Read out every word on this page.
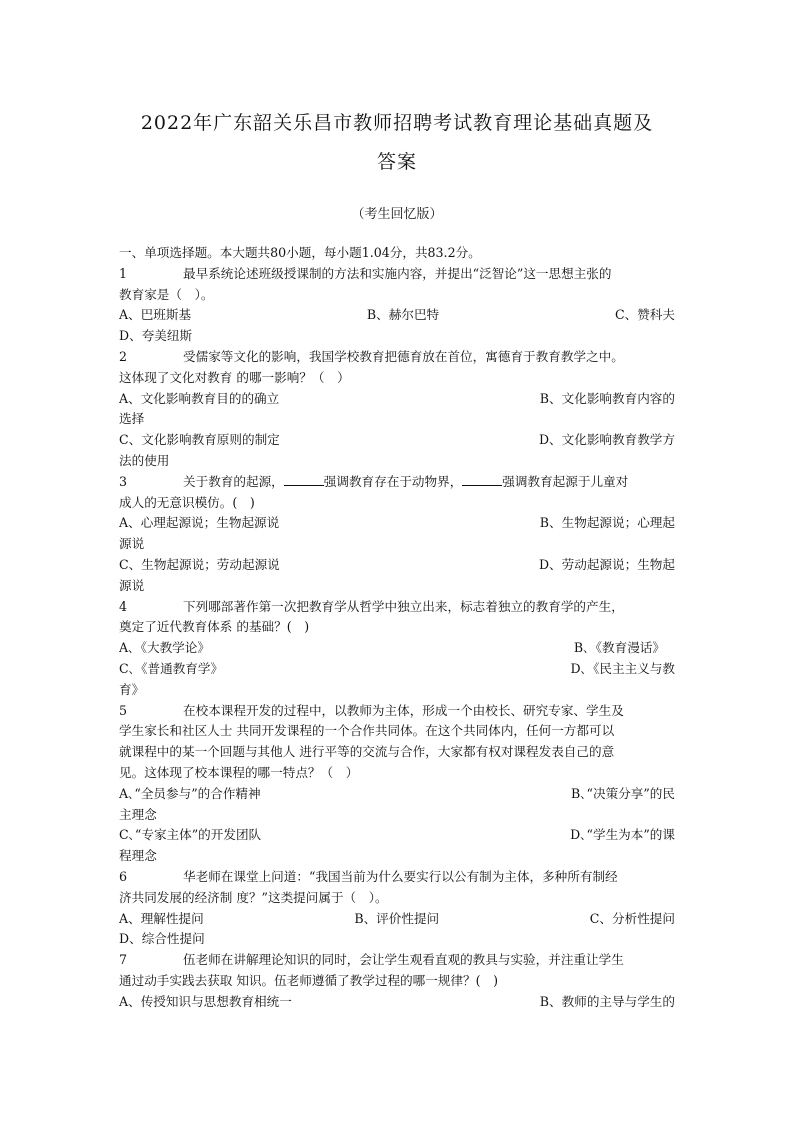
2022年广东韶关乐昌市教师招聘考试教育理论基础真题及
答案
（考生回忆版）
一、单项选择题。本大题共80小题，每小题1.04分，共83.2分。
1	最早系统论述班级授课制的方法和实施内容，并提出“泛智论”这一思想主张的
教育家是（　）。
A、巴班斯基	B、赫尔巴特	C、赞科夫
D、夸美纽斯
2	受儒家等文化的影响，我国学校教育把德育放在首位，寓德育于教育教学之中。
这体现了文化对教育 的哪一影响？（　）
A、文化影响教育目的的确立	B、文化影响教育内容的
选择
C、文化影响教育原则的制定	D、文化影响教育教学方
法的使用
3	关于教育的起源，	强调教育存在于动物界，	强调教育起源于儿童对
成人的无意识模仿。(　)
A、心理起源说；生物起源说	B、生物起源说；心理起
源说
C、生物起源说；劳动起源说	D、劳动起源说；生物起
源说
4	下列哪部著作第一次把教育学从哲学中独立出来，标志着独立的教育学的产生，
奠定了近代教育体系 的基础？(　)
A､《大教学论》	B､《教育漫话》
C､《普通教育学》	D､《民主主义与教
育》
5	在校本课程开发的过程中，以教师为主体，形成一个由校长、研究专家、学生及
学生家长和社区人士 共同开发课程的一个合作共同体。在这个共同体内，任何一方都可以
就课程中的某一个回题与其他人 进行平等的交流与合作，大家都有权对课程发表自己的意
见。这体现了校本课程的哪一特点？（　）
A､“全员参与”的合作精神	B､“决策分享”的民
主理念
C､“专家主体”的开发团队	D､“学生为本”的课
程理念
6	华老师在课堂上问道：“我国当前为什么要实行以公有制为主体，多种所有制经
济共同发展的经济制 度？”这类提问属于（　）。
A、理解性提问	B、评价性提问	C、分析性提问
D、综合性提问
7	伍老师在讲解理论知识的同时，会让学生观看直观的教具与实验，并注重让学生
通过动手实践去获取 知识。伍老师遵循了教学过程的哪一规律？(　)
A、传授知识与思想教育相统一	B、教师的主导与学生的
